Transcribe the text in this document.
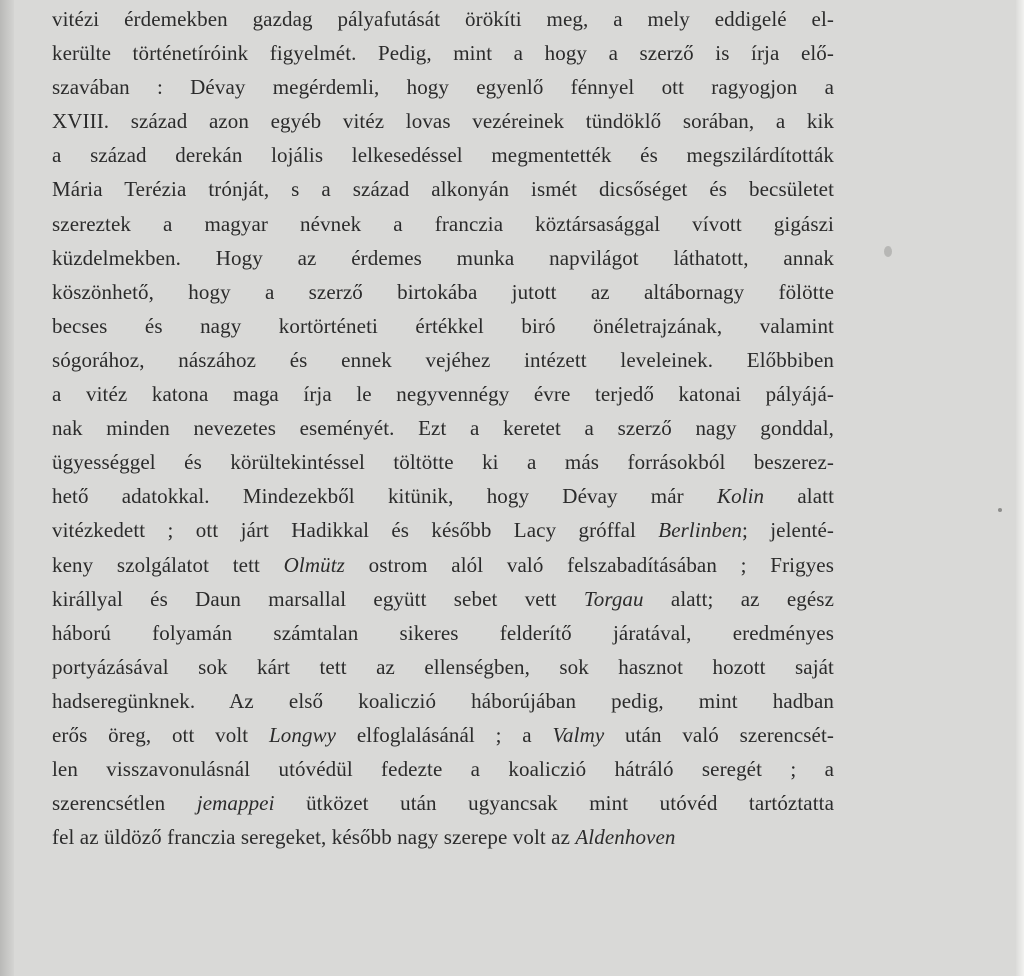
vitézi érdemekben gazdag pályafutását örökíti meg, a mely eddigelé el-
kerülte történetíróink figyelmét. Pedig, mint a hogy a szerző is írja elő-
szavában : Dévay megérdemli, hogy egyenlő fénnyel ott ragyogjon a
XVIII. század azon egyéb vitéz lovas vezéreinek tündöklő sorában, a kik
a század derekán lojális lelkesedéssel megmentették és megszilárdították
Mária Terézia trónját, s a század alkonyán ismét dicsőséget és becsületet
szereztek a magyar névnek a franczia köztársasággal vívott gigászi
küzdelmekben. Hogy az érdemes munka napvilágot láthatott, annak
köszönhető, hogy a szerző birtokába jutott az altábornagy fölötte
becses és nagy kortörténeti értékkel biró önéletrajzának, valamint
sógorához, nászához és ennek vejéhez intézett leveleinek. Előbbiben
a vitéz katona maga írja le negyvennégy évre terjedő katonai pályájá-
nak minden nevezetes eseményét. Ezt a keretet a szerző nagy gonddal,
ügyességgel és körültekintéssel töltötte ki a más forrásokból beszerez-
hető adatokkal. Mindezekből kitünik, hogy Dévay már Kolin alatt
vitézkedett ; ott járt Hadikkal és később Lacy gróffal Berlinben; jelenté-
keny szolgálatot tett Olmütz ostrom alól való felszabadításában ; Frigyes
királlyal és Daun marsallal együtt sebet vett Torgau alatt; az egész
háború folyamán számtalan sikeres felderítő járatával, eredményes
portyázásával sok kárt tett az ellenségben, sok hasznot hozott saját
hadseregünknek. Az első koaliczió háborújában pedig, mint hadban
erős öreg, ott volt Longwy elfoglalásánál ; a Valmy után való szerencsét-
len visszavonulásnál utóvédül fedezte a koaliczió hátráló seregét ; a
szerencsétlen jemappei ütközet után ugyancsak mint utóvéd tartóztatta
fel az üldöző franczia seregeket, később nagy szerepe volt az Aldenhoven
